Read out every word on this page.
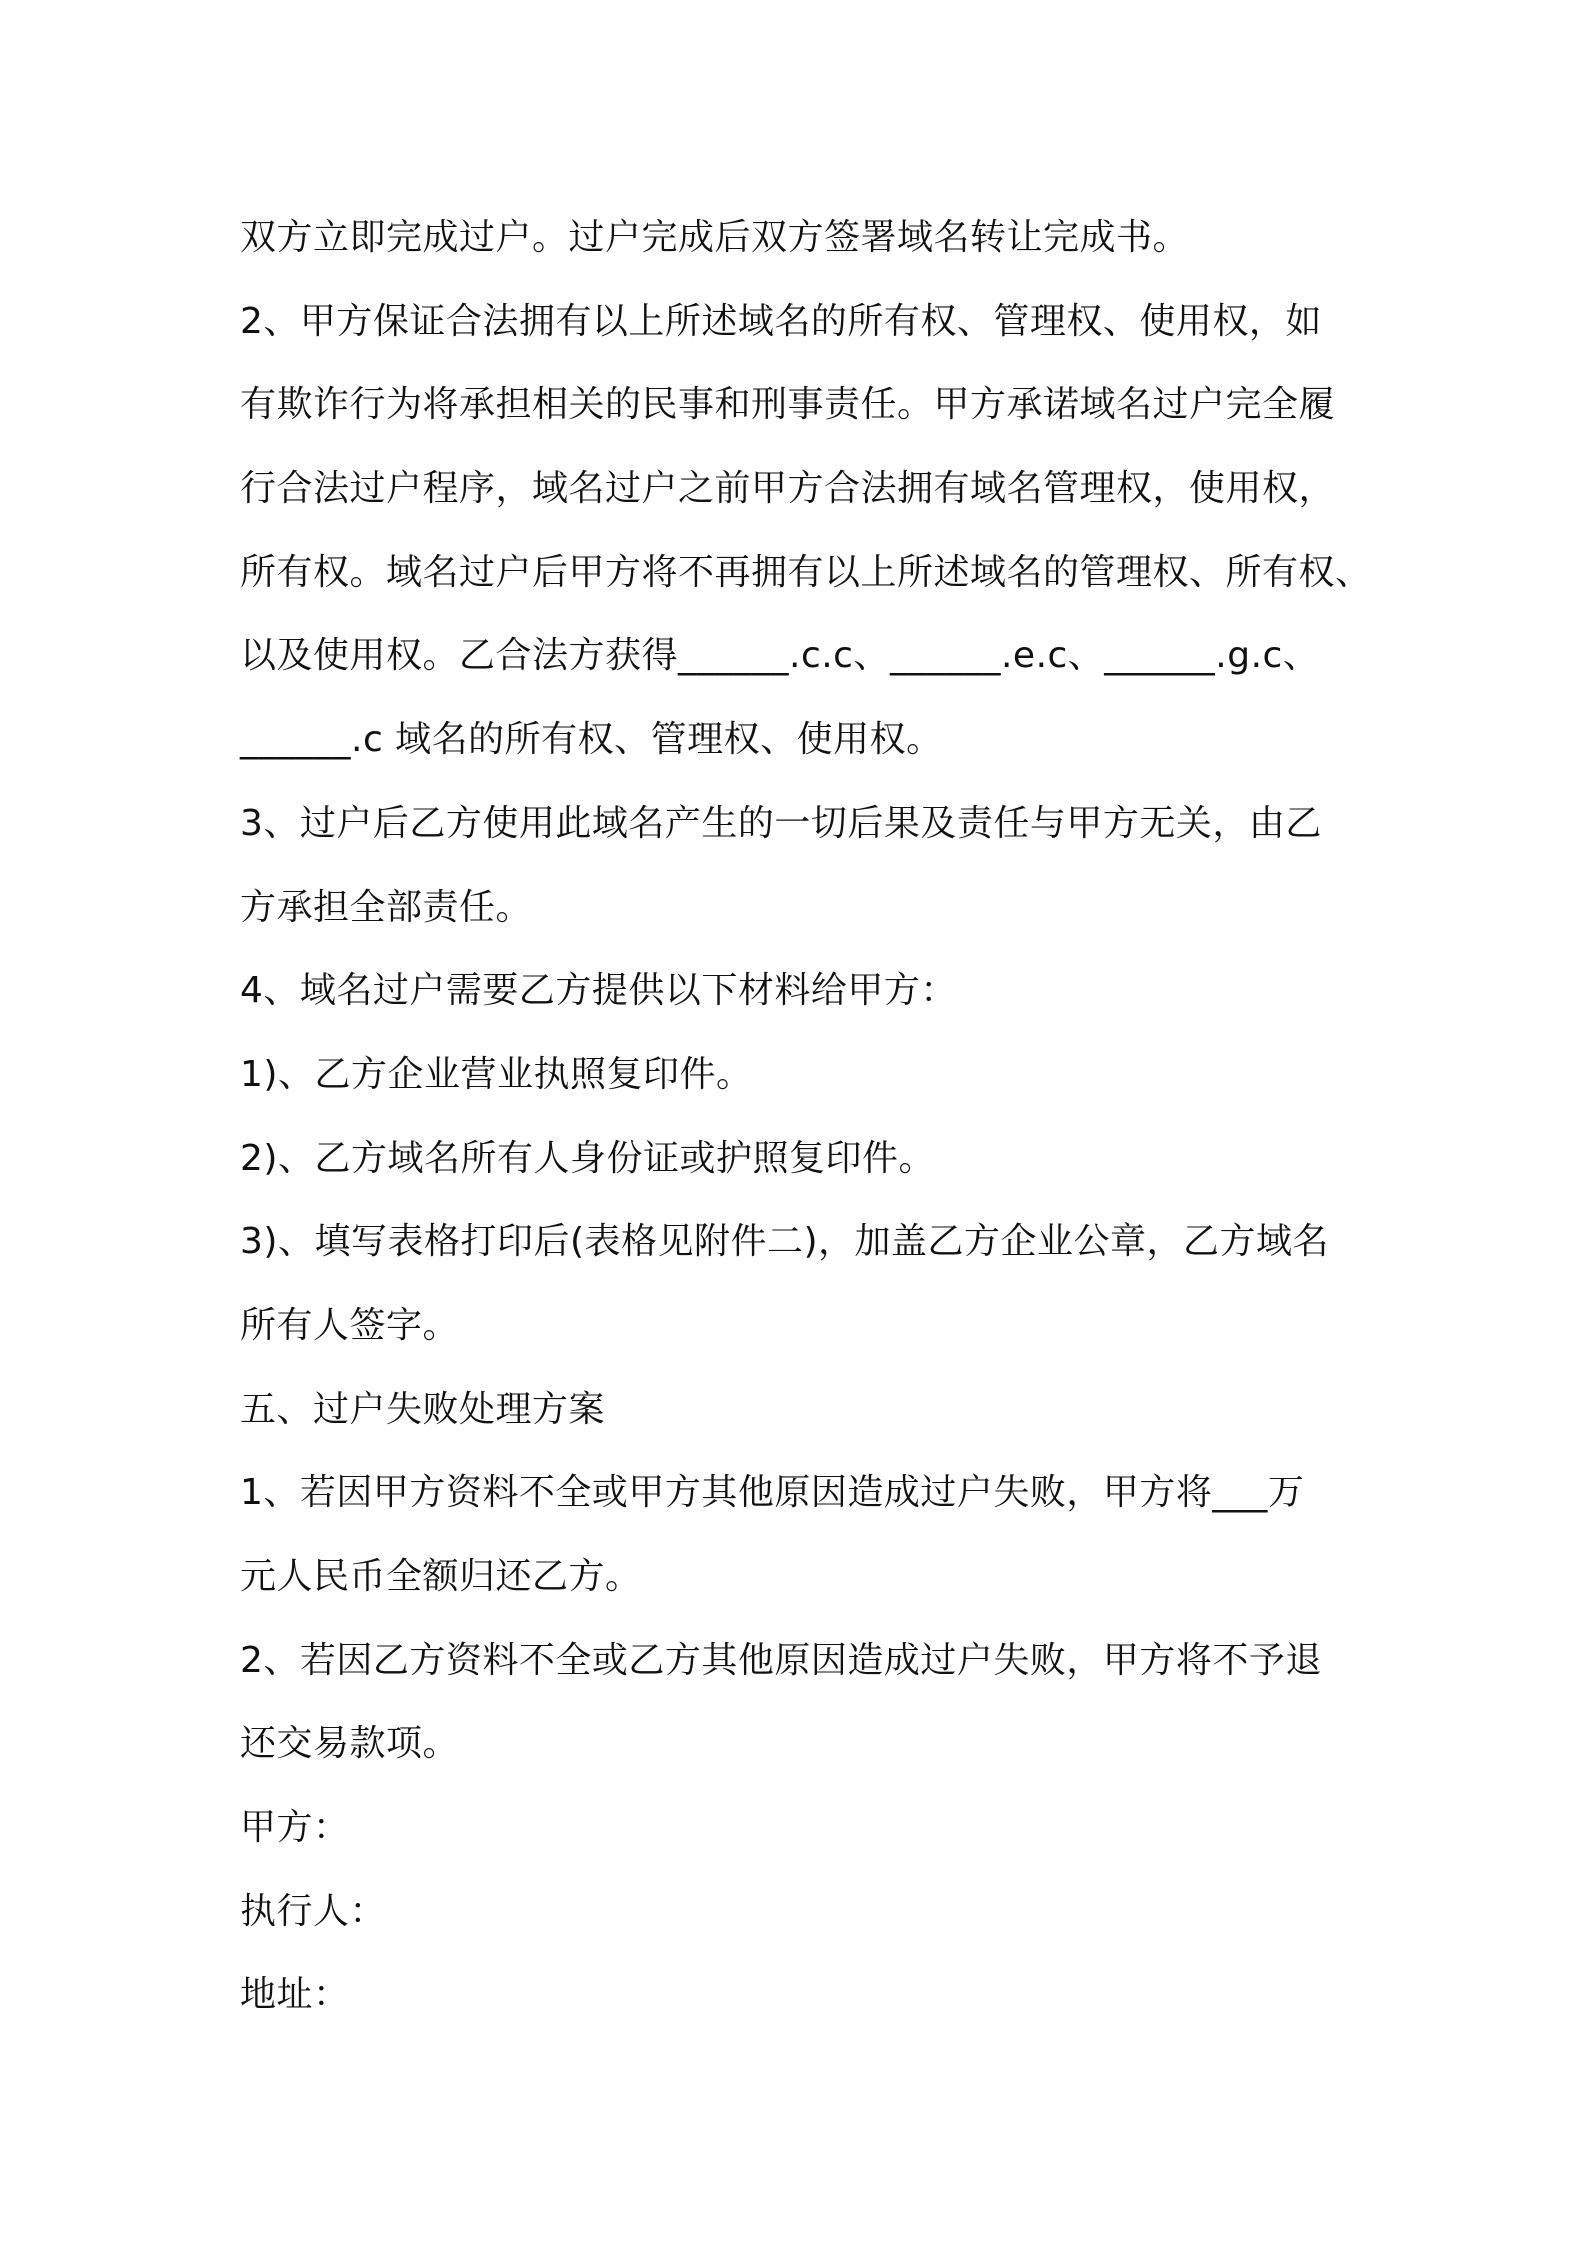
双方立即完成过户。过户完成后双方签署域名转让完成书。
2、甲方保证合法拥有以上所述域名的所有权、管理权、使用权，如
有欺诈行为将承担相关的民事和刑事责任。甲方承诺域名过户完全履
行合法过户程序，域名过户之前甲方合法拥有域名管理权，使用权，
所有权。域名过户后甲方将不再拥有以上所述域名的管理权、所有权、
以及使用权。乙合法方获得______.c.c、______.e.c、______.g.c、
______.c 域名的所有权、管理权、使用权。
3、过户后乙方使用此域名产生的一切后果及责任与甲方无关，由乙
方承担全部责任。
4、域名过户需要乙方提供以下材料给甲方：
1)、乙方企业营业执照复印件。
2)、乙方域名所有人身份证或护照复印件。
3)、填写表格打印后(表格见附件二)，加盖乙方企业公章，乙方域名
所有人签字。
五、过户失败处理方案
1、若因甲方资料不全或甲方其他原因造成过户失败，甲方将___万
元人民币全额归还乙方。
2、若因乙方资料不全或乙方其他原因造成过户失败，甲方将不予退
还交易款项。
甲方：
执行人：
地址：
